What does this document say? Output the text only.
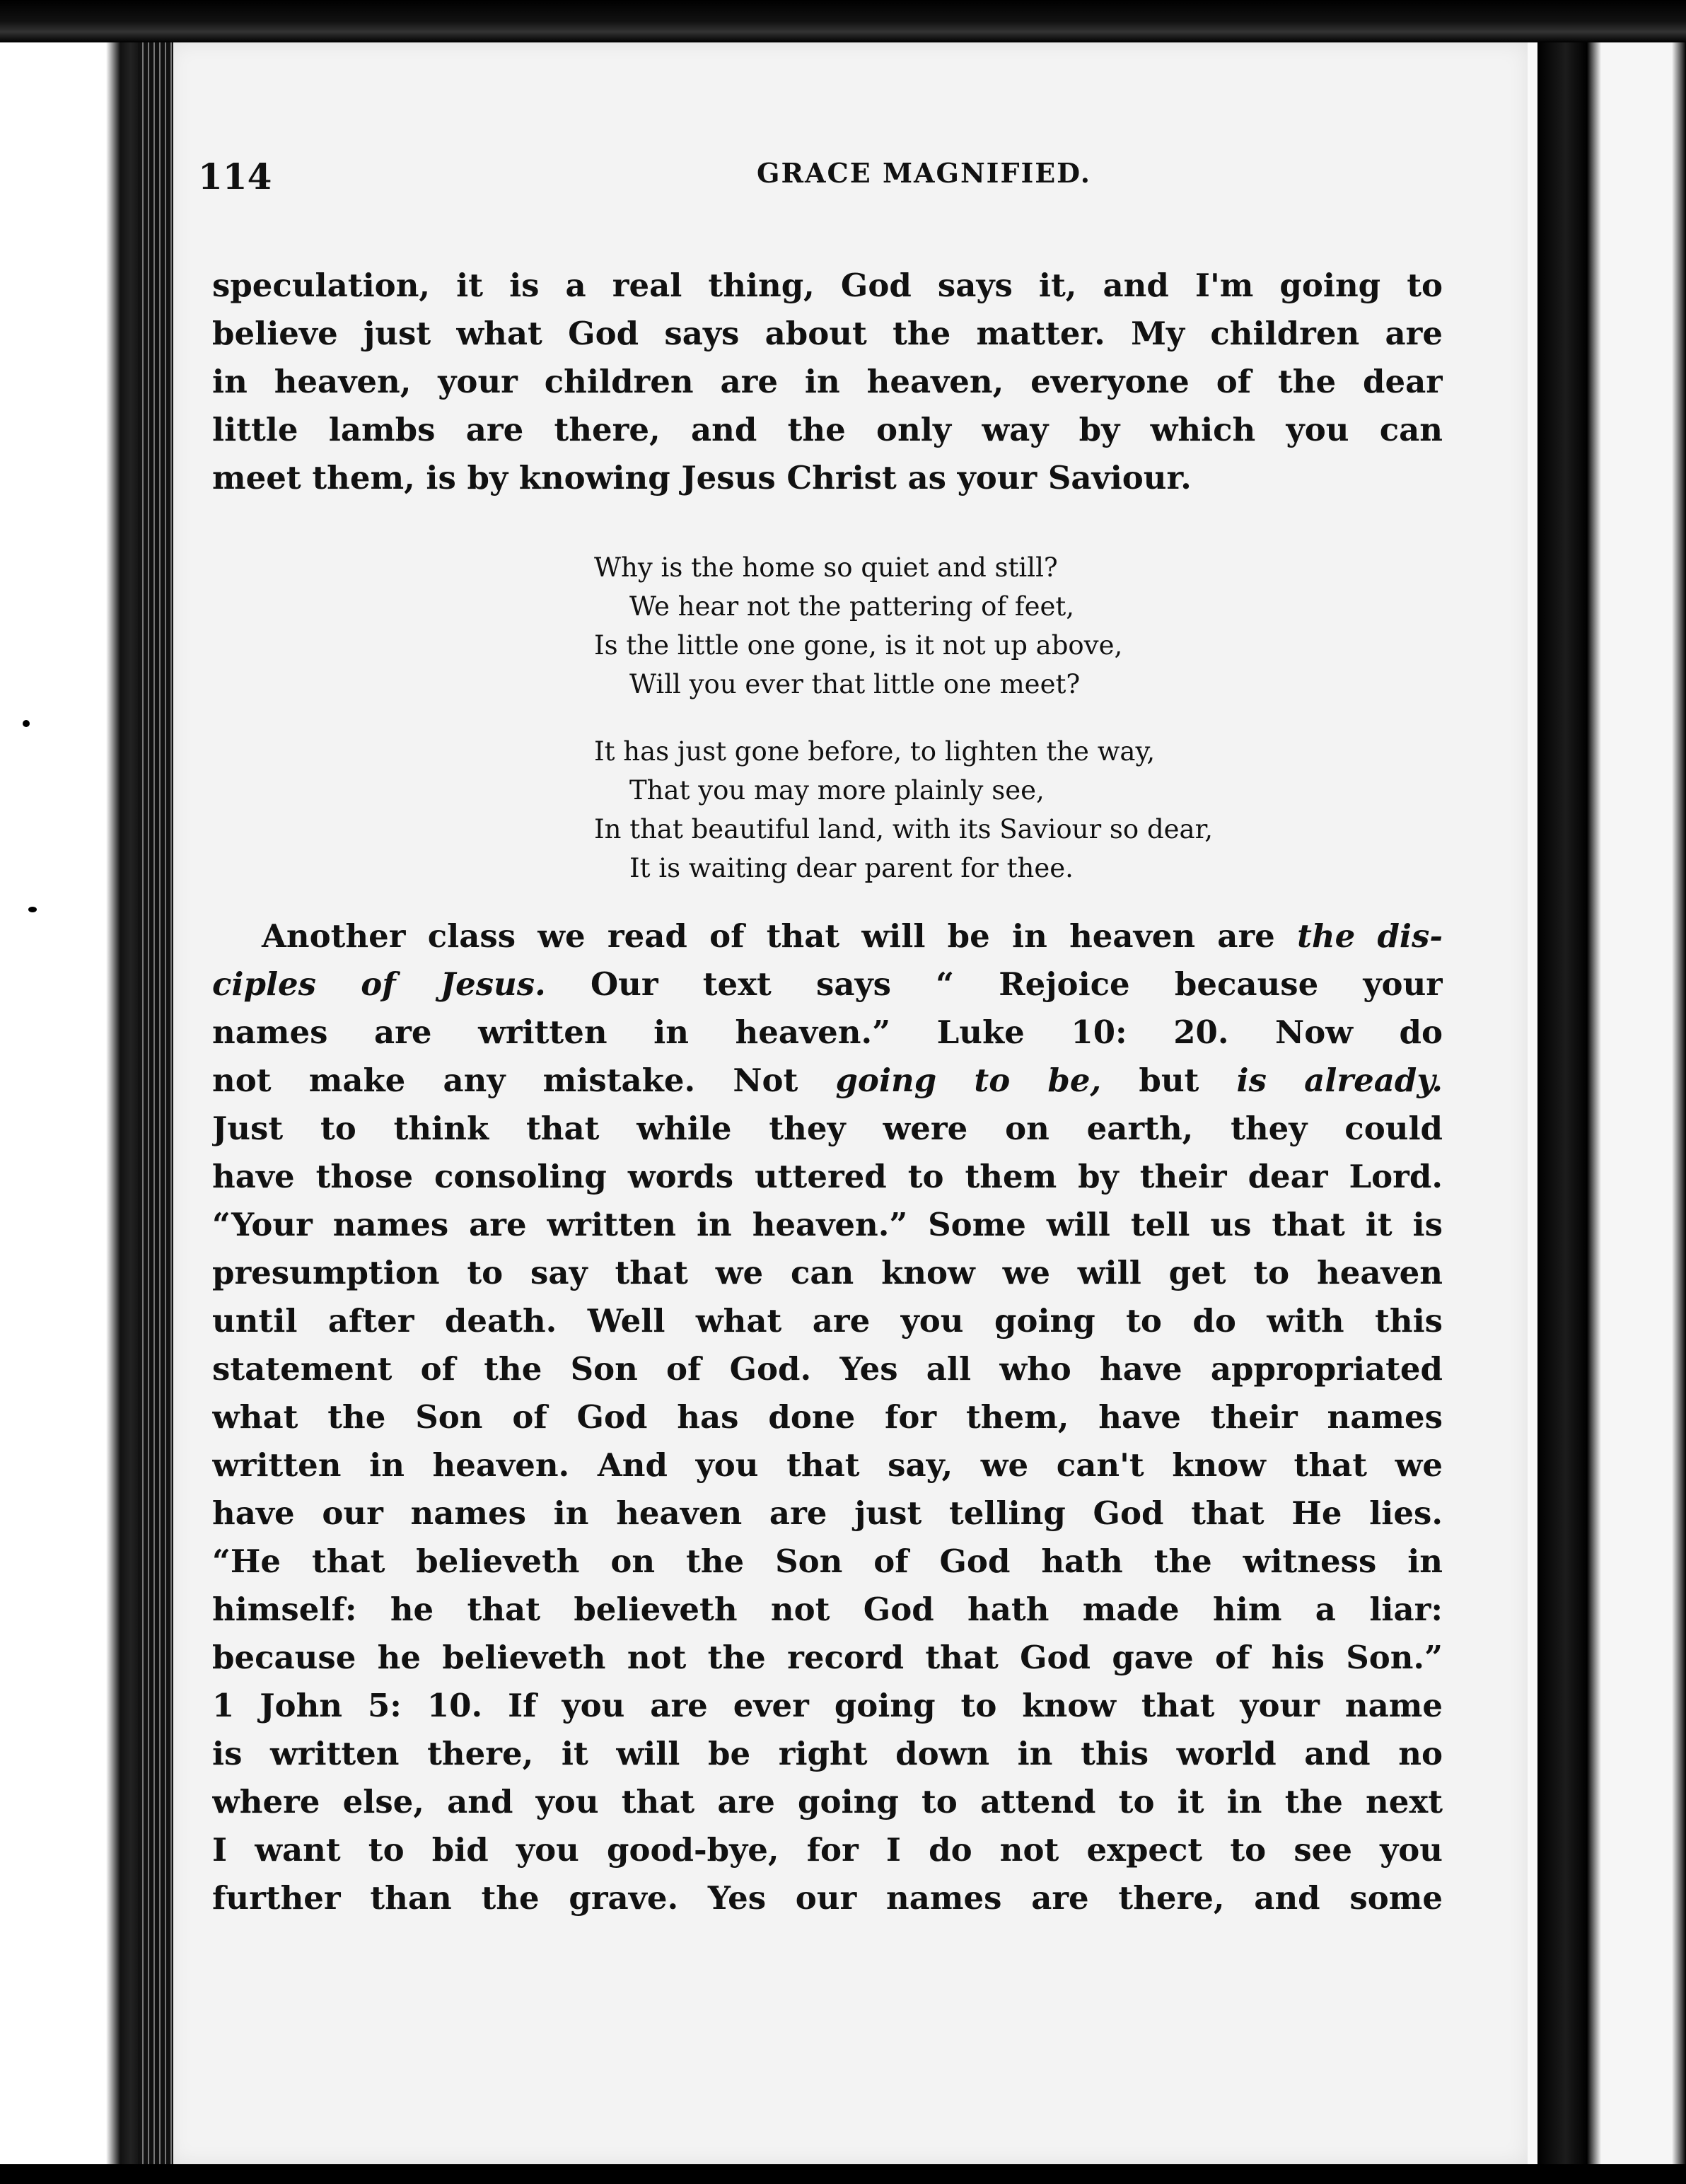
114	GRACE MAGNIFIED.
speculation, it is a real thing, God says it, and I'm going to
believe just what God says about the matter. My children are
in heaven, your children are in heaven, everyone of the dear
little lambs are there, and the only way by which you can
meet them, is by knowing Jesus Christ as your Saviour.
Why is the home so quiet and still?
We hear not the pattering of feet,
Is the little one gone, is it not up above,
Will you ever that little one meet?
It has just gone before, to lighten the way,
That you may more plainly see,
In that beautiful land, with its Saviour so dear,
It is waiting dear parent for thee.
Another class we read of that will be in heaven are the dis-
ciples of Jesus. Our text says “ Rejoice because your
names are written in heaven.” Luke 10: 20. Now do
not make any mistake. Not going to be, but is already.
Just to think that while they were on earth, they could
have those consoling words uttered to them by their dear Lord.
“Your names are written in heaven.” Some will tell us that it is
presumption to say that we can know we will get to heaven
until after death. Well what are you going to do with this
statement of the Son of God. Yes all who have appropriated
what the Son of God has done for them, have their names
written in heaven. And you that say, we can't know that we
have our names in heaven are just telling God that He lies.
“He that believeth on the Son of God hath the witness in
himself: he that believeth not God hath made him a liar:
because he believeth not the record that God gave of his Son.”
1 John 5: 10. If you are ever going to know that your name
is written there, it will be right down in this world and no
where else, and you that are going to attend to it in the next
I want to bid you good-bye, for I do not expect to see you
further than the grave. Yes our names are there, and some
